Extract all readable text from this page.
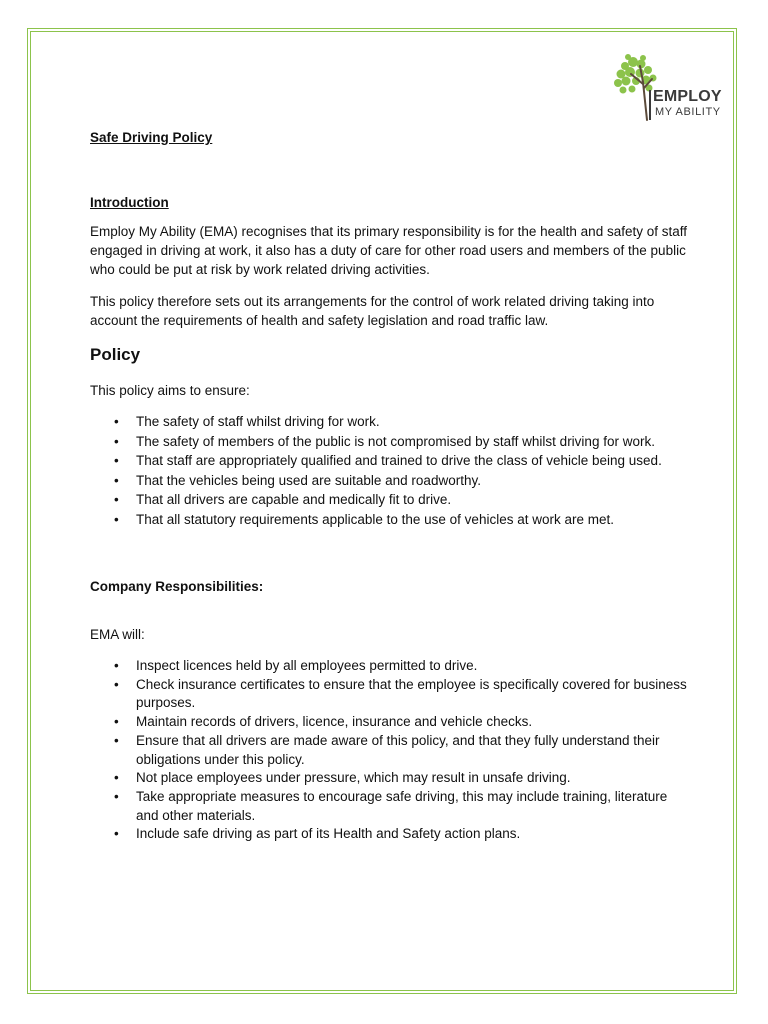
EMPLOY
MY ABILITY
Safe Driving Policy
Introduction
Employ My Ability (EMA) recognises that its primary responsibility is for the health and safety of staff engaged in driving at work, it also has a duty of care for other road users and members of the public who could be put at risk by work related driving activities.
This policy therefore sets out its arrangements for the control of work related driving taking into account the requirements of health and safety legislation and road traffic law.
Policy
This policy aims to ensure:
• The safety of staff whilst driving for work.
• The safety of members of the public is not compromised by staff whilst driving for work.
• That staff are appropriately qualified and trained to drive the class of vehicle being used.
• That the vehicles being used are suitable and roadworthy.
• That all drivers are capable and medically fit to drive.
• That all statutory requirements applicable to the use of vehicles at work are met.
Company Responsibilities:
EMA will:
• Inspect licences held by all employees permitted to drive.
• Check insurance certificates to ensure that the employee is specifically covered for business purposes.
• Maintain records of drivers, licence, insurance and vehicle checks.
• Ensure that all drivers are made aware of this policy, and that they fully understand their obligations under this policy.
• Not place employees under pressure, which may result in unsafe driving.
• Take appropriate measures to encourage safe driving, this may include training, literature and other materials.
• Include safe driving as part of its Health and Safety action plans.
